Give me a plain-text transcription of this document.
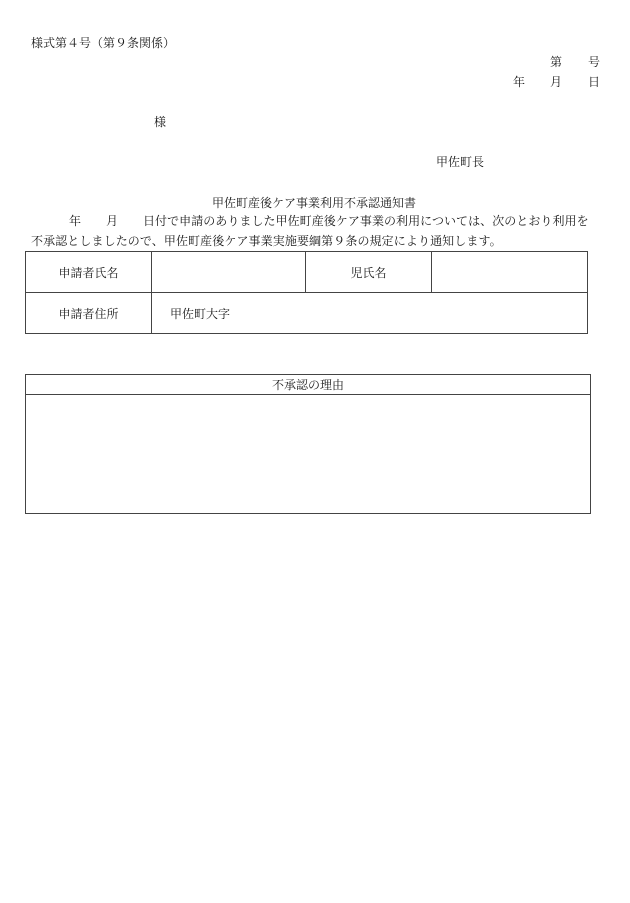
様式第４号（第９条関係）
第 号
年 月 日
様
甲佐町長
甲佐町産後ケア事業利用不承認通知書
年 月 日付で申請のありました甲佐町産後ケア事業の利用については、次のとおり利用を
不承認としましたので、甲佐町産後ケア事業実施要綱第９条の規定により通知します。
申請者氏名		児氏名	
申請者住所	甲佐町大字		
不承認の理由
